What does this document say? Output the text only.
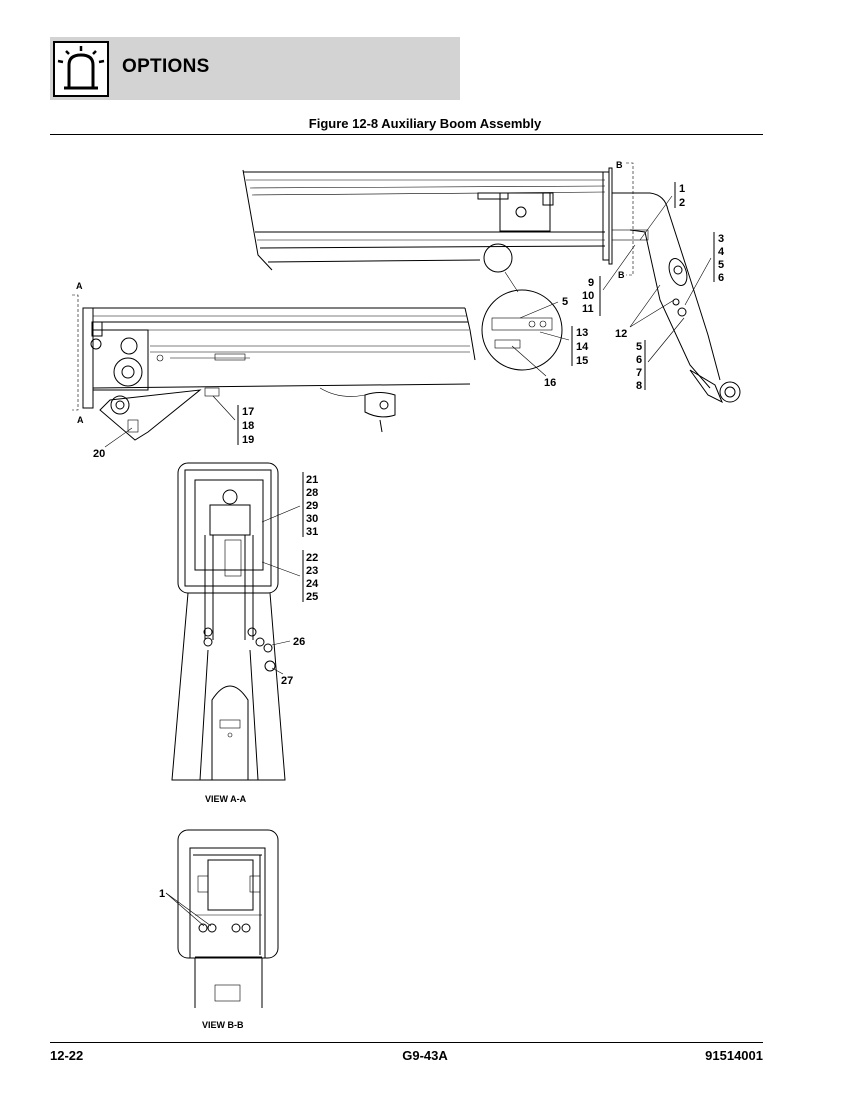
OPTIONS
Figure 12-8 Auxiliary Boom Assembly
B
B
A
A
VIEW A-A
VIEW B-B
1
2
3
4
5
6
9
10
11
12
5
6
7
8
5
13
14
15
16
17
18
19
20
21
28
29
30
31
22
23
24
25
26
27
1
12-22	G9-43A	91514001
